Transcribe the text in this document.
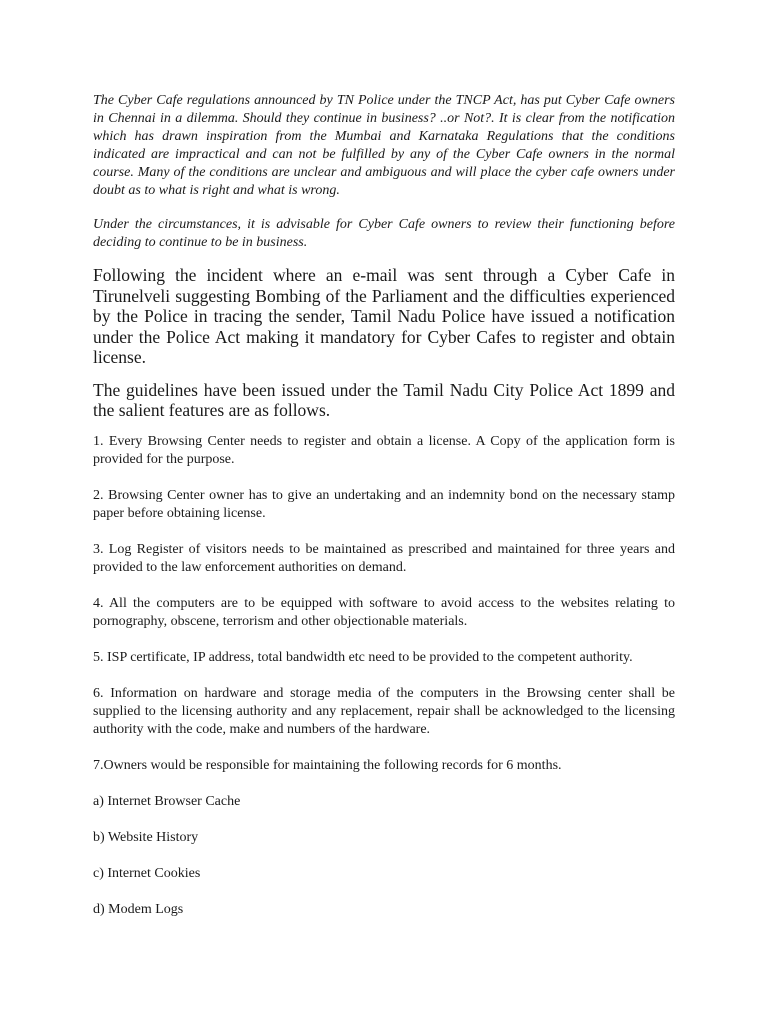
The Cyber Cafe regulations announced by TN Police under the TNCP Act, has put Cyber Cafe owners in Chennai in a dilemma. Should they continue in business? ..or Not?. It is clear from the notification which has drawn inspiration from the Mumbai and Karnataka Regulations that the conditions indicated are impractical and can not be fulfilled by any of the Cyber Cafe owners in the normal course. Many of the conditions are unclear and ambiguous and will place the cyber cafe owners under doubt as to what is right and what is wrong.

Under the circumstances, it is advisable for Cyber Cafe owners to review their functioning before deciding to continue to be in business.

Following the incident where an e-mail was sent through a Cyber Cafe in Tirunelveli suggesting Bombing of the Parliament and the difficulties experienced by the Police in tracing the sender, Tamil Nadu Police have issued a notification under the Police Act making it mandatory for Cyber Cafes to register and obtain license.

The guidelines have been issued under the Tamil Nadu City Police Act 1899 and the salient features are as follows.

1. Every Browsing Center needs to register and obtain a license. A Copy of the application form is provided for the purpose.

2. Browsing Center owner has to give an undertaking and an indemnity bond on the necessary stamp paper before obtaining license.

3. Log Register of visitors needs to be maintained as prescribed and maintained for three years and provided to the law enforcement authorities on demand.

4. All the computers are to be equipped with software to avoid access to the websites relating to pornography, obscene, terrorism and other objectionable materials.

5. ISP certificate, IP address, total bandwidth etc need to be provided to the competent authority.

6. Information on hardware and storage media of the computers in the Browsing center shall be supplied to the licensing authority and any replacement, repair shall be acknowledged to the licensing authority with the code, make and numbers of the hardware.

7.Owners would be responsible for maintaining the following records for 6 months.

a) Internet Browser Cache

b) Website History

c) Internet Cookies

d) Modem Logs
